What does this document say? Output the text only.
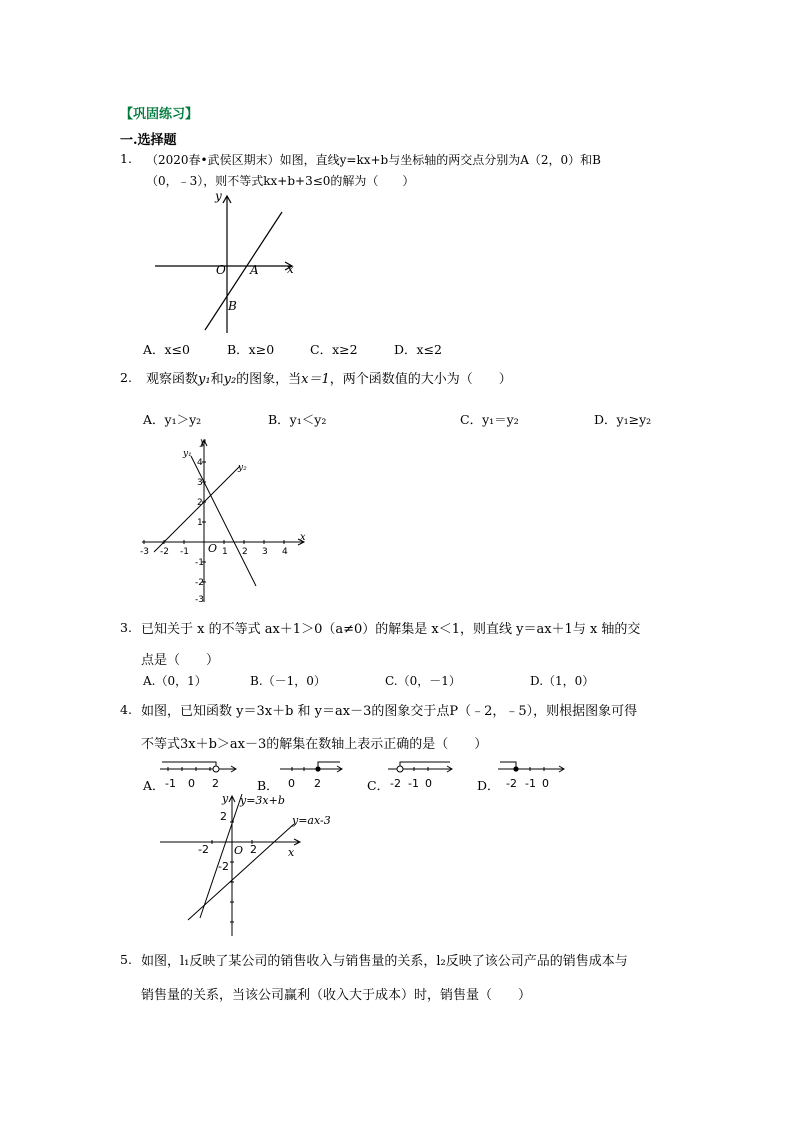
【巩固练习】
一.选择题
1. （2020春•武侯区期末）如图，直线y=kx+b与坐标轴的两交点分别为A（2，0）和B
（0，﹣3），则不等式kx+b+3≤0的解为（　　）
x
y
O A
B
A．x≤0	B．x≥0	C．x≥2	D．x≤2
2. 观察函数y₁和y₂的图象，当x＝1，两个函数值的大小为（　　）
A．y₁＞y₂	B．y₁＜y₂	C．y₁＝y₂	D．y₁≥y₂
-3 -2 -1	1 2 3 4
4
3
2
1
-1
-2
-3
O
x
y
y₁
y₂
3. 已知关于 x 的不等式 ax＋1＞0（a≠0）的解集是 x＜1，则直线 y＝ax＋1与 x 轴的交
点是（　　）
A.（0，1）	B.（－1，0）	C.（0，－1）	D.（1，0）
4. 如图，已知函数 y＝3x＋b 和 y＝ax－3的图象交于点P（﹣2，﹣5），则根据图象可得
不等式3x＋b＞ax－3的解集在数轴上表示正确的是（　　）
A．	B．	C．	D．
-1 0 2	0 2	-2 -1 0	-2 -1 0
y=3x+b
y=ax-3
y
x
O
2
-2
2
-2
5. 如图，l₁反映了某公司的销售收入与销售量的关系，l₂反映了该公司产品的销售成本与
销售量的关系，当该公司赢利（收入大于成本）时，销售量（　　）
